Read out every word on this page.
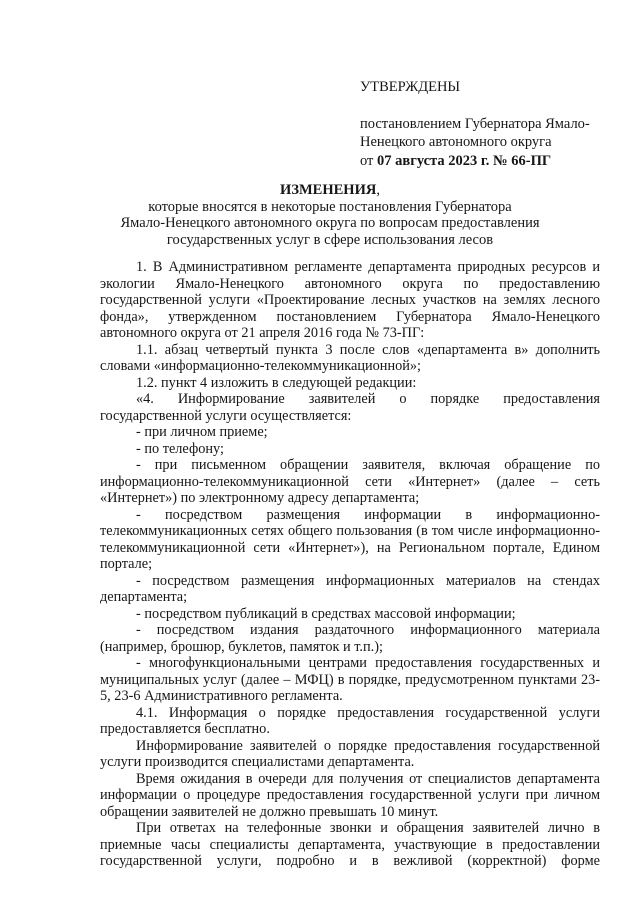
УТВЕРЖДЕНЫ
постановлением Губернатора Ямало-
Ненецкого автономного округа
от 07 августа 2023 г. № 66-ПГ
ИЗМЕНЕНИЯ,
которые вносятся в некоторые постановления Губернатора
Ямало-Ненецкого автономного округа по вопросам предоставления
государственных услуг в сфере использования лесов

1. В Административном регламенте департамента природных ресурсов и экологии Ямало-Ненецкого автономного округа по предоставлению государственной услуги «Проектирование лесных участков на землях лесного фонда», утвержденном постановлением Губернатора Ямало-Ненецкого автономного округа от 21 апреля 2016 года № 73-ПГ:

1.1. абзац четвертый пункта 3 после слов «департамента в» дополнить словами «информационно-телекоммуникационной»;

1.2. пункт 4 изложить в следующей редакции:

«4. Информирование заявителей о порядке предоставления государственной услуги осуществляется:

- при личном приеме;

- по телефону;

- при письменном обращении заявителя, включая обращение по информационно-телекоммуникационной сети «Интернет» (далее – сеть «Интернет») по электронному адресу департамента;

- посредством размещения информации в информационно-телекоммуникационных сетях общего пользования (в том числе информационно-телекоммуникационной сети «Интернет»), на Региональном портале, Едином портале;

- посредством размещения информационных материалов на стендах департамента;

- посредством публикаций в средствах массовой информации;

- посредством издания раздаточного информационного материала (например, брошюр, буклетов, памяток и т.п.);

- многофункциональными центрами предоставления государственных и муниципальных услуг (далее – МФЦ) в порядке, предусмотренном пунктами 23-5, 23-6 Административного регламента.

4.1. Информация о порядке предоставления государственной услуги предоставляется бесплатно.

Информирование заявителей о порядке предоставления государственной услуги производится специалистами департамента.

Время ожидания в очереди для получения от специалистов департамента информации о процедуре предоставления государственной услуги при личном обращении заявителей не должно превышать 10 минут.

При ответах на телефонные звонки и обращения заявителей лично в приемные часы специалисты департамента, участвующие в предоставлении государственной услуги, подробно и в вежливой (корректной) форме
